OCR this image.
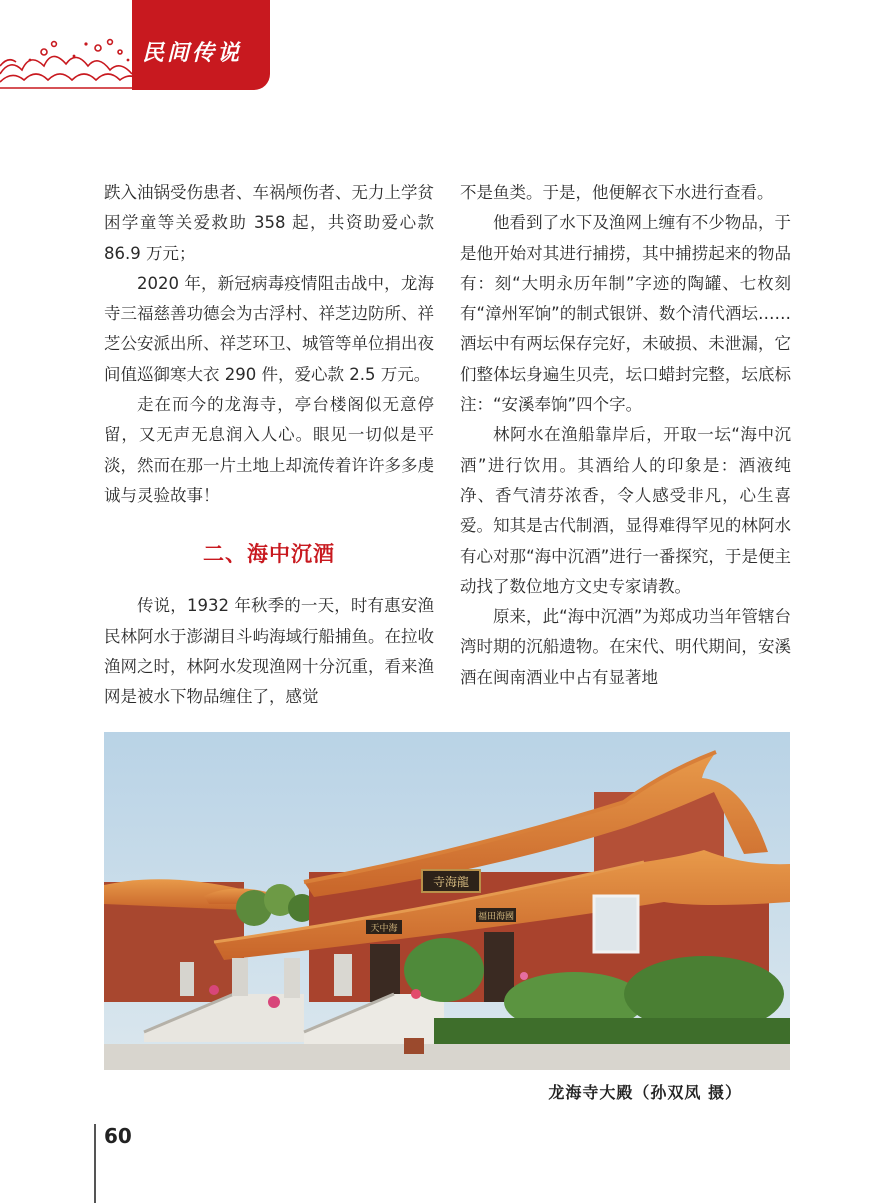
民间传说

跌入油锅受伤患者、车祸颅伤者、无力上学贫困学童等关爱救助 358 起，共资助爱心款 86.9 万元；

2020 年，新冠病毒疫情阻击战中，龙海寺三福慈善功德会为古浮村、祥芝边防所、祥芝公安派出所、祥芝环卫、城管等单位捐出夜间值巡御寒大衣 290 件，爱心款 2.5 万元。

走在而今的龙海寺，亭台楼阁似无意停留，又无声无息润入人心。眼见一切似是平淡，然而在那一片土地上却流传着许许多多虔诚与灵验故事！

二、海中沉酒

传说，1932 年秋季的一天，时有惠安渔民林阿水于澎湖目斗屿海域行船捕鱼。在拉收渔网之时，林阿水发现渔网十分沉重，看来渔网是被水下物品缠住了，感觉

不是鱼类。于是，他便解衣下水进行查看。

他看到了水下及渔网上缠有不少物品，于是他开始对其进行捕捞，其中捕捞起来的物品有：刻“大明永历年制”字迹的陶罐、七枚刻有“漳州军饷”的制式银饼、数个清代酒坛……酒坛中有两坛保存完好，未破损、未泄漏，它们整体坛身遍生贝壳，坛口蜡封完整，坛底标注：“安溪奉饷”四个字。

林阿水在渔船靠岸后，开取一坛“海中沉酒”进行饮用。其酒给人的印象是：酒液纯净、香气清芬浓香，令人感受非凡，心生喜爱。知其是古代制酒，显得难得罕见的林阿水有心对那“海中沉酒”进行一番探究，于是便主动找了数位地方文史专家请教。

原来，此“海中沉酒”为郑成功当年管辖台湾时期的沉船遗物。在宋代、明代期间，安溪酒在闽南酒业中占有显著地

寺海龍
天中海
福田海國
龙海寺大殿（孙双凤 摄）
60
